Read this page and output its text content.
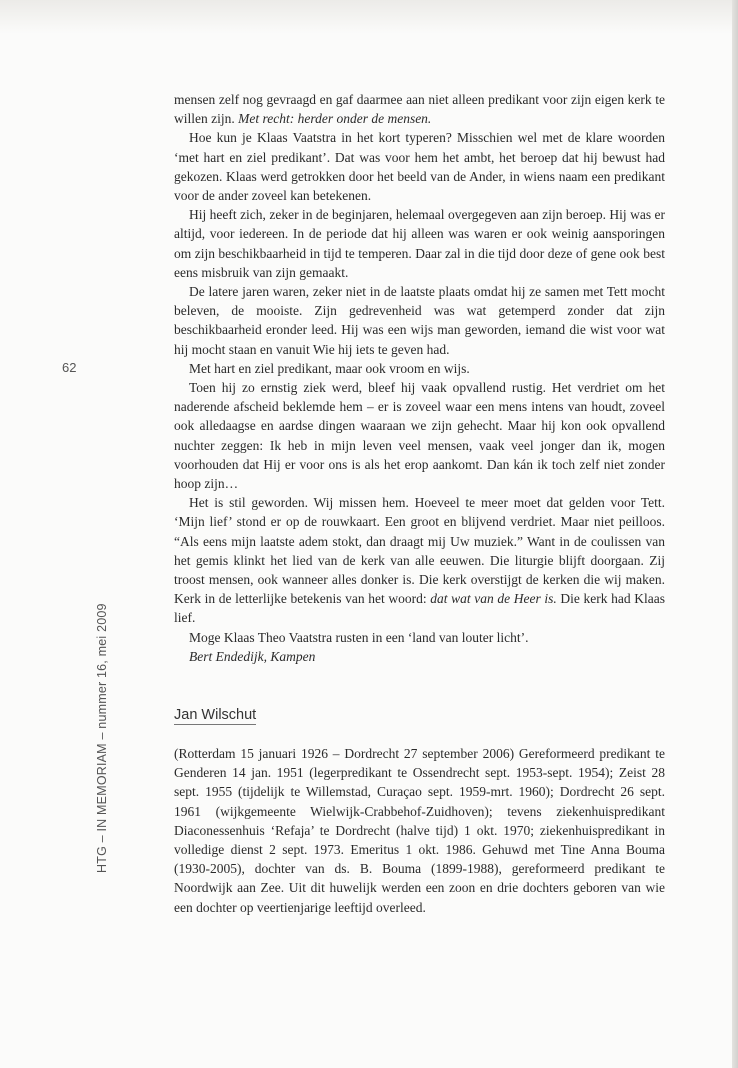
62
HTG – IN MEMORIAM – nummer 16, mei 2009

mensen zelf nog gevraagd en gaf daarmee aan niet alleen predikant voor zijn eigen kerk te willen zijn. Met recht: herder onder de mensen.

Hoe kun je Klaas Vaatstra in het kort typeren? Misschien wel met de klare woorden ‘met hart en ziel predikant’. Dat was voor hem het ambt, het beroep dat hij bewust had gekozen. Klaas werd getrokken door het beeld van de Ander, in wiens naam een predikant voor de ander zoveel kan betekenen.

Hij heeft zich, zeker in de beginjaren, helemaal overgegeven aan zijn beroep. Hij was er altijd, voor iedereen. In de periode dat hij alleen was waren er ook weinig aansporingen om zijn beschikbaarheid in tijd te temperen. Daar zal in die tijd door deze of gene ook best eens misbruik van zijn gemaakt.

De latere jaren waren, zeker niet in de laatste plaats omdat hij ze samen met Tett mocht beleven, de mooiste. Zijn gedrevenheid was wat getemperd zonder dat zijn beschikbaarheid eronder leed. Hij was een wijs man geworden, iemand die wist voor wat hij mocht staan en vanuit Wie hij iets te geven had.

Met hart en ziel predikant, maar ook vroom en wijs.

Toen hij zo ernstig ziek werd, bleef hij vaak opvallend rustig. Het verdriet om het naderende afscheid beklemde hem – er is zoveel waar een mens intens van houdt, zoveel ook alledaagse en aardse dingen waaraan we zijn gehecht. Maar hij kon ook opvallend nuchter zeggen: Ik heb in mijn leven veel mensen, vaak veel jonger dan ik, mogen voorhouden dat Hij er voor ons is als het erop aankomt. Dan kán ik toch zelf niet zonder hoop zijn…

Het is stil geworden. Wij missen hem. Hoeveel te meer moet dat gelden voor Tett. ‘Mijn lief’ stond er op de rouwkaart. Een groot en blijvend verdriet. Maar niet peilloos. “Als eens mijn laatste adem stokt, dan draagt mij Uw muziek.” Want in de coulissen van het gemis klinkt het lied van de kerk van alle eeuwen. Die liturgie blijft doorgaan. Zij troost mensen, ook wanneer alles donker is. Die kerk overstijgt de kerken die wij maken. Kerk in de letterlijke betekenis van het woord: dat wat van de Heer is. Die kerk had Klaas lief.

Moge Klaas Theo Vaatstra rusten in een ‘land van louter licht’.

Bert Endedijk, Kampen

Jan Wilschut

(Rotterdam 15 januari 1926 – Dordrecht 27 september 2006) Gereformeerd predikant te Genderen 14 jan. 1951 (legerpredikant te Ossendrecht sept. 1953-sept. 1954); Zeist 28 sept. 1955 (tijdelijk te Willemstad, Curaçao sept. 1959-mrt. 1960); Dordrecht 26 sept. 1961 (wijkgemeente Wielwijk-Crabbehof-Zuidhoven); tevens ziekenhuispredikant Diaconessenhuis ‘Refaja’ te Dordrecht (halve tijd) 1 okt. 1970; ziekenhuispredikant in volledige dienst 2 sept. 1973. Emeritus 1 okt. 1986. Gehuwd met Tine Anna Bouma (1930-2005), dochter van ds. B. Bouma (1899-1988), gereformeerd predikant te Noordwijk aan Zee. Uit dit huwelijk werden een zoon en drie dochters geboren van wie een dochter op veertienjarige leeftijd overleed.
